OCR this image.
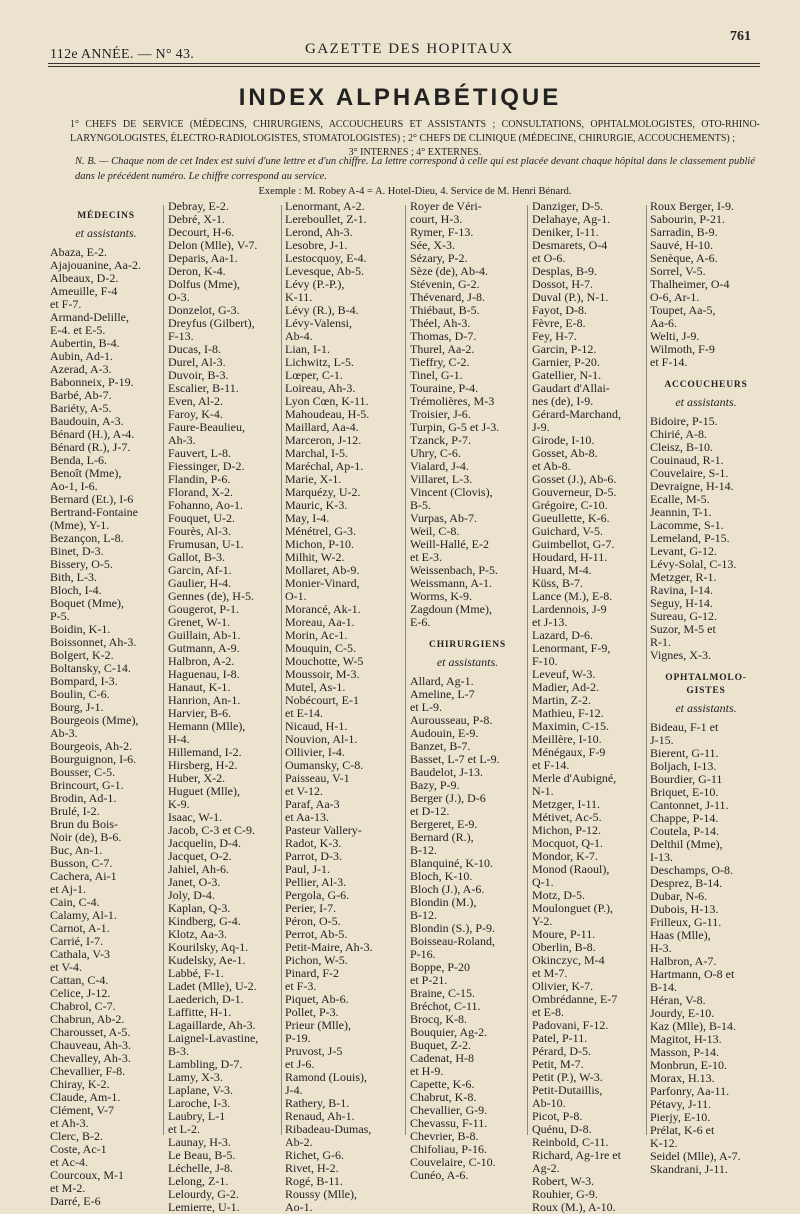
112e ANNÉE. — N° 43.	GAZETTE DES HOPITAUX
761
INDEX ALPHABÉTIQUE
1° CHEFS DE SERVICE (MÉDECINS, CHIRURGIENS, ACCOUCHEURS ET ASSISTANTS ; CONSULTATIONS, OPHTALMOLOGISTES, OTO-RHINO-LARYNGOLOGISTES, ÉLECTRO-RADIOLOGISTES, STOMATOLOGISTES) ; 2° CHEFS DE CLINIQUE (MÉDECINE, CHIRURGIE, ACCOUCHEMENTS) ;
3° INTERNES ; 4° EXTERNES.
N. B. — Chaque nom de cet Index est suivi d'une lettre et d'un chiffre. La lettre correspond à celle qui est placée devant chaque hôpital dans le classement publié dans le précédent numéro. Le chiffre correspond au service.
Exemple : M. Robey A-4 = A. Hotel-Dieu, 4. Service de M. Henri Bénard.
MÉDECINS
et assistants.
Abaza, E-2.
Ajajouanine, Aa-2.
Albeaux, D-2.
Ameuille, F-4
et F-7.
Armand-Delille,
E-4. et E-5.
Aubertin, B-4.
Aubin, Ad-1.
Azerad, A-3.
Babonneix, P-19.
Barbé, Ab-7.
Bariéty, A-5.
Baudouin, A-3.
Bénard (H.), A-4.
Bénard (R.), J-7.
Benda, L-6.
Benoît (Mme),
Ao-1, I-6.
Bernard (Et.), I-6
Bertrand-Fontaine
(Mme), Y-1.
Bezançon, L-8.
Binet, D-3.
Bissery, O-5.
Bith, L-3.
Bloch, I-4.
Boquet (Mme),
P-5.
Boidin, K-1.
Boissonnet, Ah-3.
Bolgert, K-2.
Boltansky, C-14.
Bompard, I-3.
Boulin, C-6.
Bourg, J-1.
Bourgeois (Mme),
Ab-3.
Bourgeois, Ah-2.
Bourguignon, I-6.
Bousser, C-5.
Brincourt, G-1.
Brodin, Ad-1.
Brulé, I-2.
Brun du Bois-
Noir (de), B-6.
Buc, An-1.
Busson, C-7.
Cachera, Ai-1
et Aj-1.
Cain, C-4.
Calamy, Al-1.
Carnot, A-1.
Carrié, I-7.
Cathala, V-3
et V-4.
Cattan, C-4.
Celice, J-12.
Chabrol, C-7.
Chabrun, Ab-2.
Charousset, A-5.
Chauveau, Ah-3.
Chevalley, Ah-3.
Chevallier, F-8.
Chiray, K-2.
Claude, Am-1.
Clément, V-7
et Ah-3.
Clerc, B-2.
Coste, Ac-1
et Ac-4.
Courcoux, M-1
et M-2.
Darré, E-6
Debray, E-2.
Debré, X-1.
Decourt, H-6.
Delon (Mlle), V-7.
Deparis, Aa-1.
Deron, K-4.
Dolfus (Mme),
O-3.
Donzelot, G-3.
Dreyfus (Gilbert),
F-13.
Ducas, I-8.
Durel, Al-3.
Duvoir, B-3.
Escalier, B-11.
Even, Al-2.
Faroy, K-4.
Faure-Beaulieu,
Ah-3.
Fauvert, L-8.
Fiessinger, D-2.
Flandin, P-6.
Florand, X-2.
Fohanno, Ao-1.
Fouquet, U-2.
Fourès, Al-3.
Frumusan, U-1.
Gallot, B-3.
Garcin, Af-1.
Gaulier, H-4.
Gennes (de), H-5.
Gougerot, P-1.
Grenet, W-1.
Guillain, Ab-1.
Gutmann, A-9.
Halbron, A-2.
Haguenau, I-8.
Hanaut, K-1.
Hanrion, An-1.
Harvier, B-6.
Hemann (Mlle),
H-4.
Hillemand, I-2.
Hirsberg, H-2.
Huber, X-2.
Huguet (Mlle),
K-9.
Isaac, W-1.
Jacob, C-3 et C-9.
Jacquelin, D-4.
Jacquet, O-2.
Jahiel, Ah-6.
Janet, O-3.
Joly, D-4.
Kaplan, Q-3.
Kindberg, G-4.
Klotz, Aa-3.
Kourilsky, Aq-1.
Kudelsky, Ae-1.
Labbé, F-1.
Ladet (Mlle), U-2.
Laederich, D-1.
Laffitte, H-1.
Lagaillarde, Ah-3.
Laignel-Lavastine,
B-3.
Lambling, D-7.
Lamy, X-3.
Laplane, V-3.
Laroche, I-3.
Laubry, L-1
et L-2.
Launay, H-3.
Le Beau, B-5.
Léchelle, J-8.
Lelong, Z-1.
Lelourdy, G-2.
Lemierre, U-1.
Lenormant, A-2.
Lereboullet, Z-1.
Lerond, Ah-3.
Lesobre, J-1.
Lestocquoy, E-4.
Levesque, Ab-5.
Lévy (P.-P.),
K-11.
Lévy (R.), B-4.
Lévy-Valensi,
Ab-4.
Lian, I-1.
Lichwitz, L-5.
Lœper, C-1.
Loireau, Ah-3.
Lyon Cœn, K-11.
Mahoudeau, H-5.
Maillard, Aa-4.
Marceron, J-12.
Marchal, I-5.
Maréchal, Ap-1.
Marie, X-1.
Marquézy, U-2.
Mauric, K-3.
May, I-4.
Ménétrel, G-3.
Michon, P-10.
Milhit, W-2.
Mollaret, Ab-9.
Monier-Vinard,
O-1.
Morancé, Ak-1.
Moreau, Aa-1.
Morin, Ac-1.
Mouquin, C-5.
Mouchotte, W-5
Moussoir, M-3.
Mutel, As-1.
Nobécourt, E-1
et E-14.
Nicaud, H-1.
Nouvion, Al-1.
Ollivier, I-4.
Oumansky, C-8.
Paisseau, V-1
et V-12.
Paraf, Aa-3
et Aa-13.
Pasteur Vallery-
Radot, K-3.
Parrot, D-3.
Paul, J-1.
Pellier, Al-3.
Pergola, G-6.
Perier, I-7.
Péron, O-5.
Perrot, Ab-5.
Petit-Maire, Ah-3.
Pichon, W-5.
Pinard, F-2
et F-3.
Piquet, Ab-6.
Pollet, P-3.
Prieur (Mlle),
P-19.
Pruvost, J-5
et J-6.
Ramond (Louis),
J-4.
Rathery, B-1.
Renaud, Ah-1.
Ribadeau-Dumas,
Ab-2.
Richet, G-6.
Rivet, H-2.
Rogé, B-11.
Roussy (Mlle),
Ao-1.
Royer de Véri-
court, H-3.
Rymer, F-13.
Sée, X-3.
Sézary, P-2.
Sèze (de), Ab-4.
Stévenin, G-2.
Thévenard, J-8.
Thiébaut, B-5.
Théel, Ah-3.
Thomas, D-7.
Thurel, Aa-2.
Tieffry, C-2.
Tinel, G-1.
Touraine, P-4.
Trémolières, M-3
Troisier, J-6.
Turpin, G-5 et J-3.
Tzanck, P-7.
Uhry, C-6.
Vialard, J-4.
Villaret, L-3.
Vincent (Clovis),
B-5.
Vurpas, Ab-7.
Weil, C-8.
Weill-Hallé, E-2
et E-3.
Weissenbach, P-5.
Weissmann, A-1.
Worms, K-9.
Zagdoun (Mme),
E-6.
CHIRURGIENS
et assistants.
Allard, Ag-1.
Ameline, L-7
et L-9.
Aurousseau, P-8.
Audouin, E-9.
Banzet, B-7.
Basset, L-7 et L-9.
Baudelot, J-13.
Bazy, P-9.
Berger (J.), D-6
et D-12.
Bergeret, E-9.
Bernard (R.),
B-12.
Blanquiné, K-10.
Bloch, K-10.
Bloch (J.), A-6.
Blondin (M.),
B-12.
Blondin (S.), P-9.
Boisseau-Roland,
P-16.
Boppe, P-20
et P-21.
Braine, C-15.
Bréchot, C-11.
Brocq, K-8.
Bouquier, Ag-2.
Buquet, Z-2.
Cadenat, H-8
et H-9.
Capette, K-6.
Chabrut, K-8.
Chevallier, G-9.
Chevassu, F-11.
Chevrier, B-8.
Chifoliau, P-16.
Couvelaire, C-10.
Cunéo, A-6.
Danziger, D-5.
Delahaye, Ag-1.
Deniker, I-11.
Desmarets, O-4
et O-6.
Desplas, B-9.
Dossot, H-7.
Duval (P.), N-1.
Fayot, D-8.
Fèvre, E-8.
Fey, H-7.
Garcin, P-12.
Garnier, P-20.
Gatellier, N-1.
Gaudart d'Allai-
nes (de), I-9.
Gérard-Marchand,
J-9.
Girode, I-10.
Gosset, Ab-8.
et Ab-8.
Gosset (J.), Ab-6.
Gouverneur, D-5.
Grégoire, C-10.
Gueullette, K-6.
Guichard, V-5.
Guimbellot, G-7.
Houdard, H-11.
Huard, M-4.
Küss, B-7.
Lance (M.), E-8.
Lardennois, J-9
et J-13.
Lazard, D-6.
Lenormant, F-9,
F-10.
Leveuf, W-3.
Madier, Ad-2.
Martin, Z-2.
Mathieu, F-12.
Maximin, C-15.
Meillère, I-10.
Ménégaux, F-9
et F-14.
Merle d'Aubigné,
N-1.
Metzger, I-11.
Métivet, Ac-5.
Michon, P-12.
Mocquot, Q-1.
Mondor, K-7.
Monod (Raoul),
Q-1.
Motz, D-5.
Moulonguet (P.),
Y-2.
Moure, P-11.
Oberlin, B-8.
Okinczyc, M-4
et M-7.
Olivier, K-7.
Ombrédanne, E-7
et E-8.
Padovani, F-12.
Patel, P-11.
Pérard, D-5.
Petit, M-7.
Petit (P.), W-3.
Petit-Dutaillis,
Ab-10.
Picot, P-8.
Quénu, D-8.
Reinbold, C-11.
Richard, Ag-1re et
Ag-2.
Robert, W-3.
Rouhier, G-9.
Roux (M.), A-10.
Roux Berger, I-9.
Sabourin, P-21.
Sarradin, B-9.
Sauvé, H-10.
Senèque, A-6.
Sorrel, V-5.
Thalheimer, O-4
O-6, Ar-1.
Toupet, Aa-5,
Aa-6.
Welti, J-9.
Wilmoth, F-9
et F-14.
ACCOUCHEURS
et assistants.
Bidoire, P-15.
Chirié, A-8.
Cleisz, B-10.
Couinaud, R-1.
Couvelaire, S-1.
Devraigne, H-14.
Ecalle, M-5.
Jeannin, T-1.
Lacomme, S-1.
Lemeland, P-15.
Levant, G-12.
Lévy-Solal, C-13.
Metzger, R-1.
Ravina, I-14.
Seguy, H-14.
Sureau, G-12.
Suzor, M-5 et
R-1.
Vignes, X-3.
OPHTALMOLO-GISTES
et assistants.
Bideau, F-1 et
J-15.
Bierent, G-11.
Boljach, I-13.
Bourdier, G-11
Briquet, E-10.
Cantonnet, J-11.
Chappe, P-14.
Coutela, P-14.
Delthil (Mme),
I-13.
Deschamps, O-8.
Desprez, B-14.
Dubar, N-6.
Dubois, H-13.
Frilleux, G-11.
Haas (Mlle),
H-3.
Halbron, A-7.
Hartmann, O-8 et
B-14.
Héran, V-8.
Jourdy, E-10.
Kaz (Mlle), B-14.
Magitot, H-13.
Masson, P-14.
Monbrun, E-10.
Morax, H.13.
Parfonry, Aa-11.
Pétavy, J-11.
Pierjy, E-10.
Prélat, K-6 et
K-12.
Seidel (Mlle), A-7.
Skandrani, J-11.
